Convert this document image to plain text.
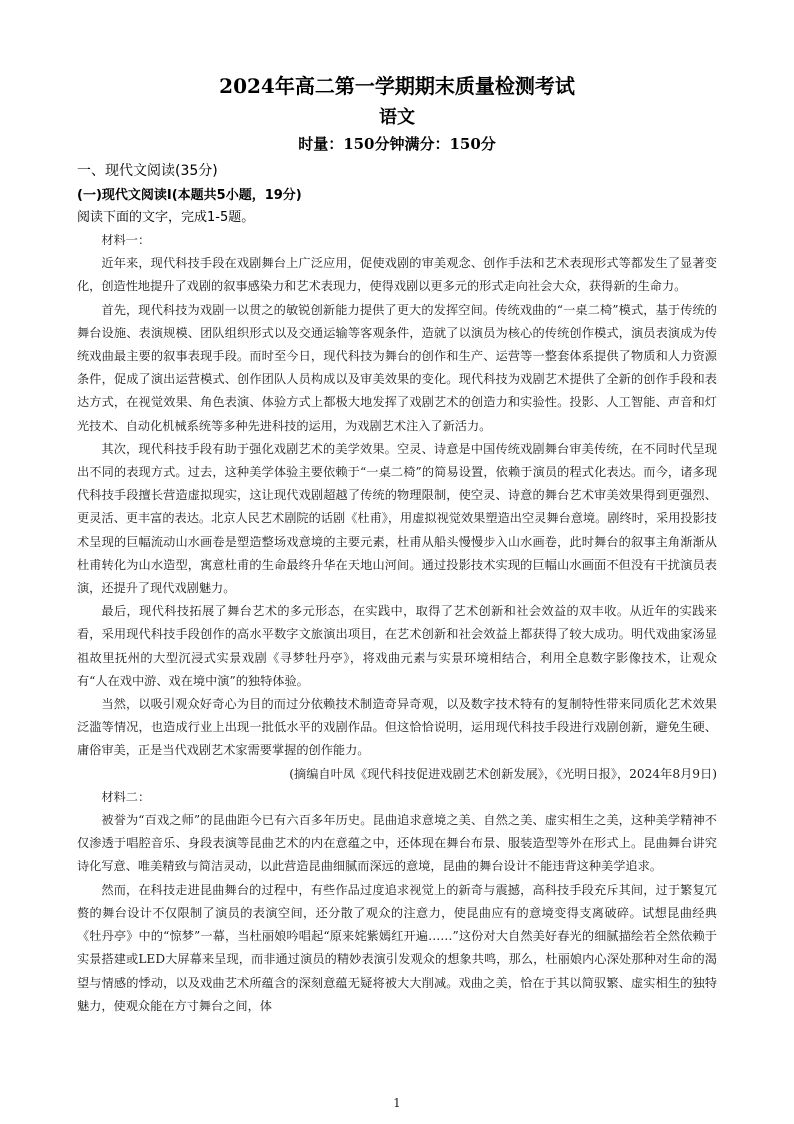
2024年高二第一学期期末质量检测考试
语文
时量：150分钟满分：150分
一、现代文阅读(35分)
(一)现代文阅读Ⅰ(本题共5小题，19分)
阅读下面的文字，完成1-5题。

材料一：

近年来，现代科技手段在戏剧舞台上广泛应用，促使戏剧的审美观念、创作手法和艺术表现形式等都发生了显著变化，创造性地提升了戏剧的叙事感染力和艺术表现力，使得戏剧以更多元的形式走向社会大众，获得新的生命力。

首先，现代科技为戏剧一以贯之的敏锐创新能力提供了更大的发挥空间。传统戏曲的“一桌二椅”模式，基于传统的舞台设施、表演规模、团队组织形式以及交通运输等客观条件，造就了以演员为核心的传统创作模式，演员表演成为传统戏曲最主要的叙事表现手段。而时至今日，现代科技为舞台的创作和生产、运营等一整套体系提供了物质和人力资源条件，促成了演出运营模式、创作团队人员构成以及审美效果的变化。现代科技为戏剧艺术提供了全新的创作手段和表达方式，在视觉效果、角色表演、体验方式上都极大地发挥了戏剧艺术的创造力和实验性。投影、人工智能、声音和灯光技术、自动化机械系统等多种先进科技的运用，为戏剧艺术注入了新活力。

其次，现代科技手段有助于强化戏剧艺术的美学效果。空灵、诗意是中国传统戏剧舞台审美传统，在不同时代呈现出不同的表现方式。过去，这种美学体验主要依赖于“一桌二椅”的简易设置，依赖于演员的程式化表达。而今，诸多现代科技手段擅长营造虚拟现实，这让现代戏剧超越了传统的物理限制，使空灵、诗意的舞台艺术审美效果得到更强烈、更灵活、更丰富的表达。北京人民艺术剧院的话剧《杜甫》，用虚拟视觉效果塑造出空灵舞台意境。剧终时，采用投影技术呈现的巨幅流动山水画卷是塑造整场戏意境的主要元素，杜甫从船头慢慢步入山水画卷，此时舞台的叙事主角渐渐从杜甫转化为山水造型，寓意杜甫的生命最终升华在天地山河间。通过投影技术实现的巨幅山水画面不但没有干扰演员表演，还提升了现代戏剧魅力。

最后，现代科技拓展了舞台艺术的多元形态，在实践中，取得了艺术创新和社会效益的双丰收。从近年的实践来看，采用现代科技手段创作的高水平数字文旅演出项目，在艺术创新和社会效益上都获得了较大成功。明代戏曲家汤显祖故里抚州的大型沉浸式实景戏剧《寻梦牡丹亭》，将戏曲元素与实景环境相结合，利用全息数字影像技术，让观众有“人在戏中游、戏在境中演”的独特体验。

当然，以吸引观众好奇心为目的而过分依赖技术制造奇异奇观，以及数字技术特有的复制特性带来同质化艺术效果泛滥等情况，也造成行业上出现一批低水平的戏剧作品。但这恰恰说明，运用现代科技手段进行戏剧创新，避免生硬、庸俗审美，正是当代戏剧艺术家需要掌握的创作能力。

(摘编自叶凤《现代科技促进戏剧艺术创新发展》，《光明日报》，2024年8月9日)

材料二：

被誉为“百戏之师”的昆曲距今已有六百多年历史。昆曲追求意境之美、自然之美、虚实相生之美，这种美学精神不仅渗透于唱腔音乐、身段表演等昆曲艺术的内在意蕴之中，还体现在舞台布景、服装造型等外在形式上。昆曲舞台讲究诗化写意、唯美精致与简洁灵动，以此营造昆曲细腻而深远的意境，昆曲的舞台设计不能违背这种美学追求。

然而，在科技走进昆曲舞台的过程中，有些作品过度追求视觉上的新奇与震撼，高科技手段充斥其间，过于繁复冗赘的舞台设计不仅限制了演员的表演空间，还分散了观众的注意力，使昆曲应有的意境变得支离破碎。试想昆曲经典《牡丹亭》中的“惊梦”一幕，当杜丽娘吟唱起“原来姹紫嫣红开遍……”这份对大自然美好春光的细腻描绘若全然依赖于实景搭建或LED大屏幕来呈现，而非通过演员的精妙表演引发观众的想象共鸣，那么，杜丽娘内心深处那种对生命的渴望与情感的悸动，以及戏曲艺术所蕴含的深刻意蕴无疑将被大大削减。戏曲之美，恰在于其以简驭繁、虚实相生的独特魅力，使观众能在方寸舞台之间，体

1
